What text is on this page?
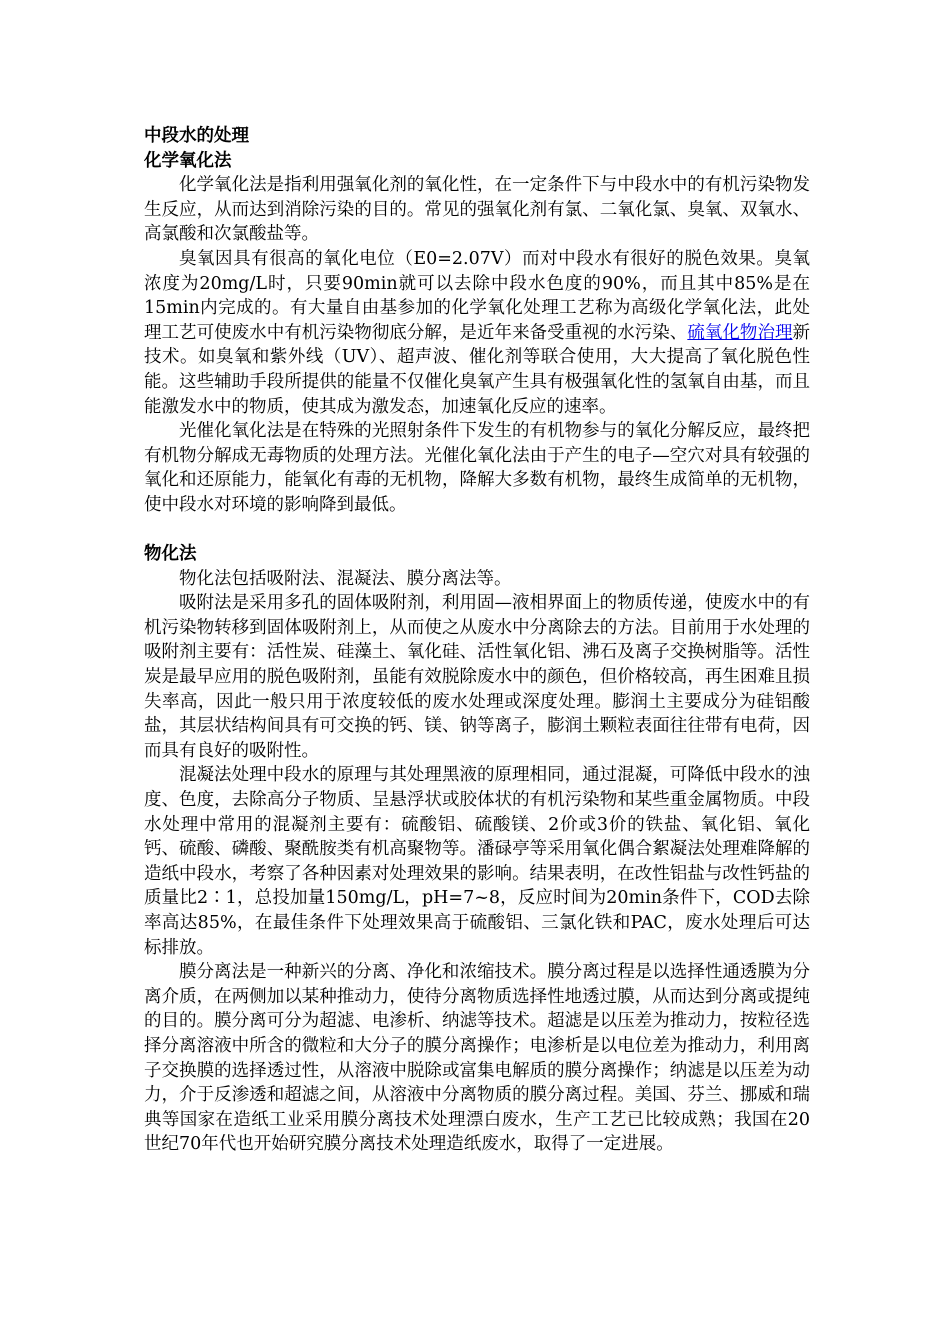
中段水的处理

化学氧化法

化学氧化法是指利用强氧化剂的氧化性，在一定条件下与中段水中的有机污染物发生反应，从而达到消除污染的目的。常见的强氧化剂有氯、二氧化氯、臭氧、双氧水、高氯酸和次氯酸盐等。

臭氧因具有很高的氧化电位（E0=2.07V）而对中段水有很好的脱色效果。臭氧浓度为20mg/L时，只要90min就可以去除中段水色度的90%，而且其中85%是在15min内完成的。有大量自由基参加的化学氧化处理工艺称为高级化学氧化法，此处理工艺可使废水中有机污染物彻底分解，是近年来备受重视的水污染、硫氧化物治理新技术。如臭氧和紫外线（UV）、超声波、催化剂等联合使用，大大提高了氧化脱色性能。这些辅助手段所提供的能量不仅催化臭氧产生具有极强氧化性的氢氧自由基，而且能激发水中的物质，使其成为激发态，加速氧化反应的速率。

光催化氧化法是在特殊的光照射条件下发生的有机物参与的氧化分解反应，最终把有机物分解成无毒物质的处理方法。光催化氧化法由于产生的电子—空穴对具有较强的氧化和还原能力，能氧化有毒的无机物，降解大多数有机物，最终生成简单的无机物，使中段水对环境的影响降到最低。

物化法

物化法包括吸附法、混凝法、膜分离法等。

吸附法是采用多孔的固体吸附剂，利用固—液相界面上的物质传递，使废水中的有机污染物转移到固体吸附剂上，从而使之从废水中分离除去的方法。目前用于水处理的吸附剂主要有：活性炭、硅藻土、氧化硅、活性氧化铝、沸石及离子交换树脂等。活性炭是最早应用的脱色吸附剂，虽能有效脱除废水中的颜色，但价格较高，再生困难且损失率高，因此一般只用于浓度较低的废水处理或深度处理。膨润土主要成分为硅铝酸盐，其层状结构间具有可交换的钙、镁、钠等离子，膨润土颗粒表面往往带有电荷，因而具有良好的吸附性。

混凝法处理中段水的原理与其处理黑液的原理相同，通过混凝，可降低中段水的浊度、色度，去除高分子物质、呈悬浮状或胶体状的有机污染物和某些重金属物质。中段水处理中常用的混凝剂主要有：硫酸铝、硫酸镁、2价或3价的铁盐、氧化铝、氧化钙、硫酸、磷酸、聚酰胺类有机高聚物等。潘碌亭等采用氧化偶合絮凝法处理难降解的造纸中段水，考察了各种因素对处理效果的影响。结果表明，在改性铝盐与改性钙盐的质量比2∶1，总投加量150mg/L，pH=7~8，反应时间为20min条件下，COD去除率高达85%，在最佳条件下处理效果高于硫酸铝、三氯化铁和PAC，废水处理后可达标排放。

膜分离法是一种新兴的分离、净化和浓缩技术。膜分离过程是以选择性通透膜为分离介质，在两侧加以某种推动力，使待分离物质选择性地透过膜，从而达到分离或提纯的目的。膜分离可分为超滤、电渗析、纳滤等技术。超滤是以压差为推动力，按粒径选择分离溶液中所含的微粒和大分子的膜分离操作；电渗析是以电位差为推动力，利用离子交换膜的选择透过性，从溶液中脱除或富集电解质的膜分离操作；纳滤是以压差为动力，介于反渗透和超滤之间，从溶液中分离物质的膜分离过程。美国、芬兰、挪威和瑞典等国家在造纸工业采用膜分离技术处理漂白废水，生产工艺已比较成熟；我国在20世纪70年代也开始研究膜分离技术处理造纸废水，取得了一定进展。
